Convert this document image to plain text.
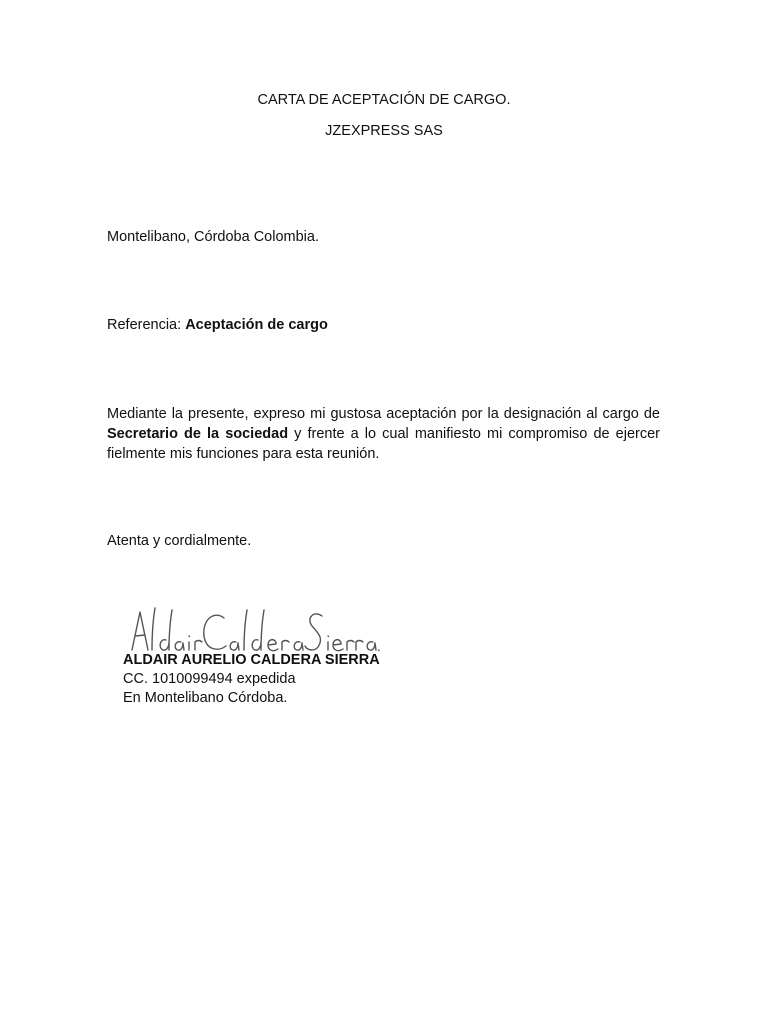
CARTA DE ACEPTACIÓN DE CARGO.
JZEXPRESS SAS
Montelibano, Córdoba Colombia.
Referencia: Aceptación de cargo
Mediante la presente, expreso mi gustosa aceptación por la designación al cargo de Secretario de la sociedad y frente a lo cual manifiesto mi compromiso de ejercer fielmente mis funciones para esta reunión.
Atenta y cordialmente.
ALDAIR AURELIO CALDERA SIERRA
CC. 1010099494 expedida
En Montelibano Córdoba.
